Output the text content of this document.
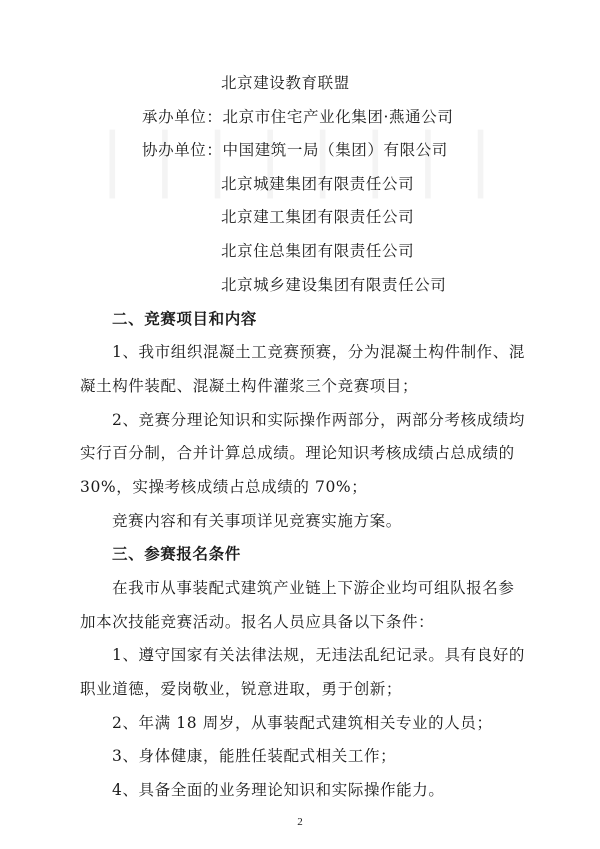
北京建设教育联盟
承办单位：北京市住宅产业化集团·燕通公司
协办单位：中国建筑一局（集团）有限公司
北京城建集团有限责任公司
北京建工集团有限责任公司
北京住总集团有限责任公司
北京城乡建设集团有限责任公司
二、竞赛项目和内容
1、我市组织混凝土工竞赛预赛，分为混凝土构件制作、混
凝土构件装配、混凝土构件灌浆三个竞赛项目；
2、竞赛分理论知识和实际操作两部分，两部分考核成绩均
实行百分制，合并计算总成绩。理论知识考核成绩占总成绩的
30%，实操考核成绩占总成绩的 70%；
竞赛内容和有关事项详见竞赛实施方案。
三、参赛报名条件
在我市从事装配式建筑产业链上下游企业均可组队报名参
加本次技能竞赛活动。报名人员应具备以下条件：
1、遵守国家有关法律法规，无违法乱纪记录。具有良好的
职业道德，爱岗敬业，锐意进取，勇于创新；
2、年满 18 周岁，从事装配式建筑相关专业的人员；
3、身体健康，能胜任装配式相关工作；
4、具备全面的业务理论知识和实际操作能力。
2
